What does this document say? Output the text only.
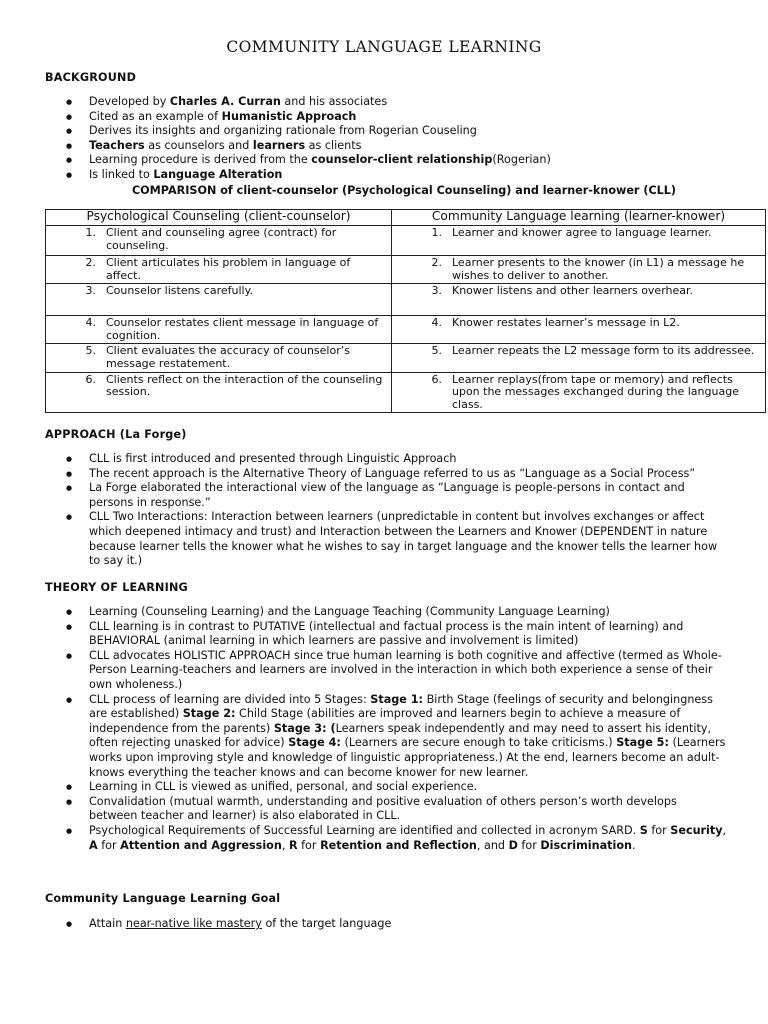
COMMUNITY LANGUAGE LEARNING
BACKGROUND
● Developed by Charles A. Curran and his associates
● Cited as an example of Humanistic Approach
● Derives its insights and organizing rationale from Rogerian Couseling
● Teachers as counselors and learners as clients
● Learning procedure is derived from the counselor-client relationship(Rogerian)
● Is linked to Language Alteration
COMPARISON of client-counselor (Psychological Counseling) and learner-knower (CLL)
Psychological Counseling (client-counselor)	Community Language learning (learner-knower)

1. Client and counseling agree (contract) for counseling.	1. Learner and knower agree to language learner.

2. Client articulates his problem in language of affect.	2. Learner presents to the knower (in L1) a message he wishes to deliver to another.

3. Counselor listens carefully.	3. Knower listens and other learners overhear.

4. Counselor restates client message in language of cognition.	4. Knower restates learner’s message in L2.

5. Client evaluates the accuracy of counselor’s message restatement.	5. Learner repeats the L2 message form to its addressee.

6. Clients reflect on the interaction of the counseling session.	6. Learner replays(from tape or memory) and reflects upon the messages exchanged during the language class.
APPROACH (La Forge)
● CLL is first introduced and presented through Linguistic Approach
● The recent approach is the Alternative Theory of Language referred to us as “Language as a Social Process”
● La Forge elaborated the interactional view of the language as “Language is people-persons in contact and persons in response.”
● CLL Two Interactions: Interaction between learners (unpredictable in content but involves exchanges or affect which deepened intimacy and trust) and Interaction between the Learners and Knower (DEPENDENT in nature because learner tells the knower what he wishes to say in target language and the knower tells the learner how to say it.)
THEORY OF LEARNING
● Learning (Counseling Learning) and the Language Teaching (Community Language Learning)
● CLL learning is in contrast to PUTATIVE (intellectual and factual process is the main intent of learning) and BEHAVIORAL (animal learning in which learners are passive and involvement is limited)
● CLL advocates HOLISTIC APPROACH since true human learning is both cognitive and affective (termed as Whole-Person Learning-teachers and learners are involved in the interaction in which both experience a sense of their own wholeness.)
● CLL process of learning are divided into 5 Stages: Stage 1: Birth Stage (feelings of security and belongingness are established) Stage 2: Child Stage (abilities are improved and learners begin to achieve a measure of independence from the parents) Stage 3: (Learners speak independently and may need to assert his identity, often rejecting unasked for advice) Stage 4: (Learners are secure enough to take criticisms.) Stage 5: (Learners works upon improving style and knowledge of linguistic appropriateness.) At the end, learners become an adult-knows everything the teacher knows and can become knower for new learner.
● Learning in CLL is viewed as unified, personal, and social experience.
● Convalidation (mutual warmth, understanding and positive evaluation of others person’s worth develops between teacher and learner) is also elaborated in CLL.
● Psychological Requirements of Successful Learning are identified and collected in acronym SARD. S for Security, A for Attention and Aggression, R for Retention and Reflection, and D for Discrimination.
Community Language Learning Goal
● Attain near-native like mastery of the target language
